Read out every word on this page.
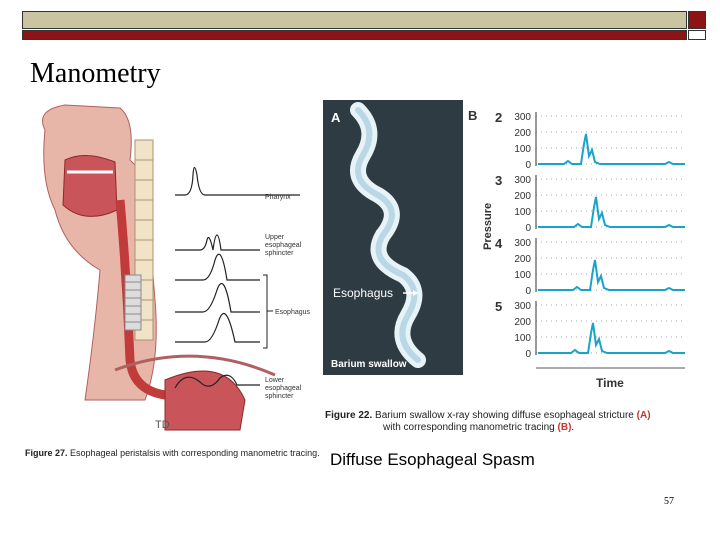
Manometry
Pharynx
Upper
esophageal
sphincter
Esophagus
Lower
esophageal
sphincter
TD
Figure 27. Esophageal peristalsis with corresponding manometric tracing.
A
Esophagus
Barium swallow
B
Pressure
2 300
200
100
0
3 300
200
100
0
4 300
200
100
0
5 300
200
100
0
Time
Figure 22. Barium swallow x-ray showing diffuse esophageal stricture (A)
with corresponding manometric tracing (B).
Diffuse Esophageal Spasm
57
